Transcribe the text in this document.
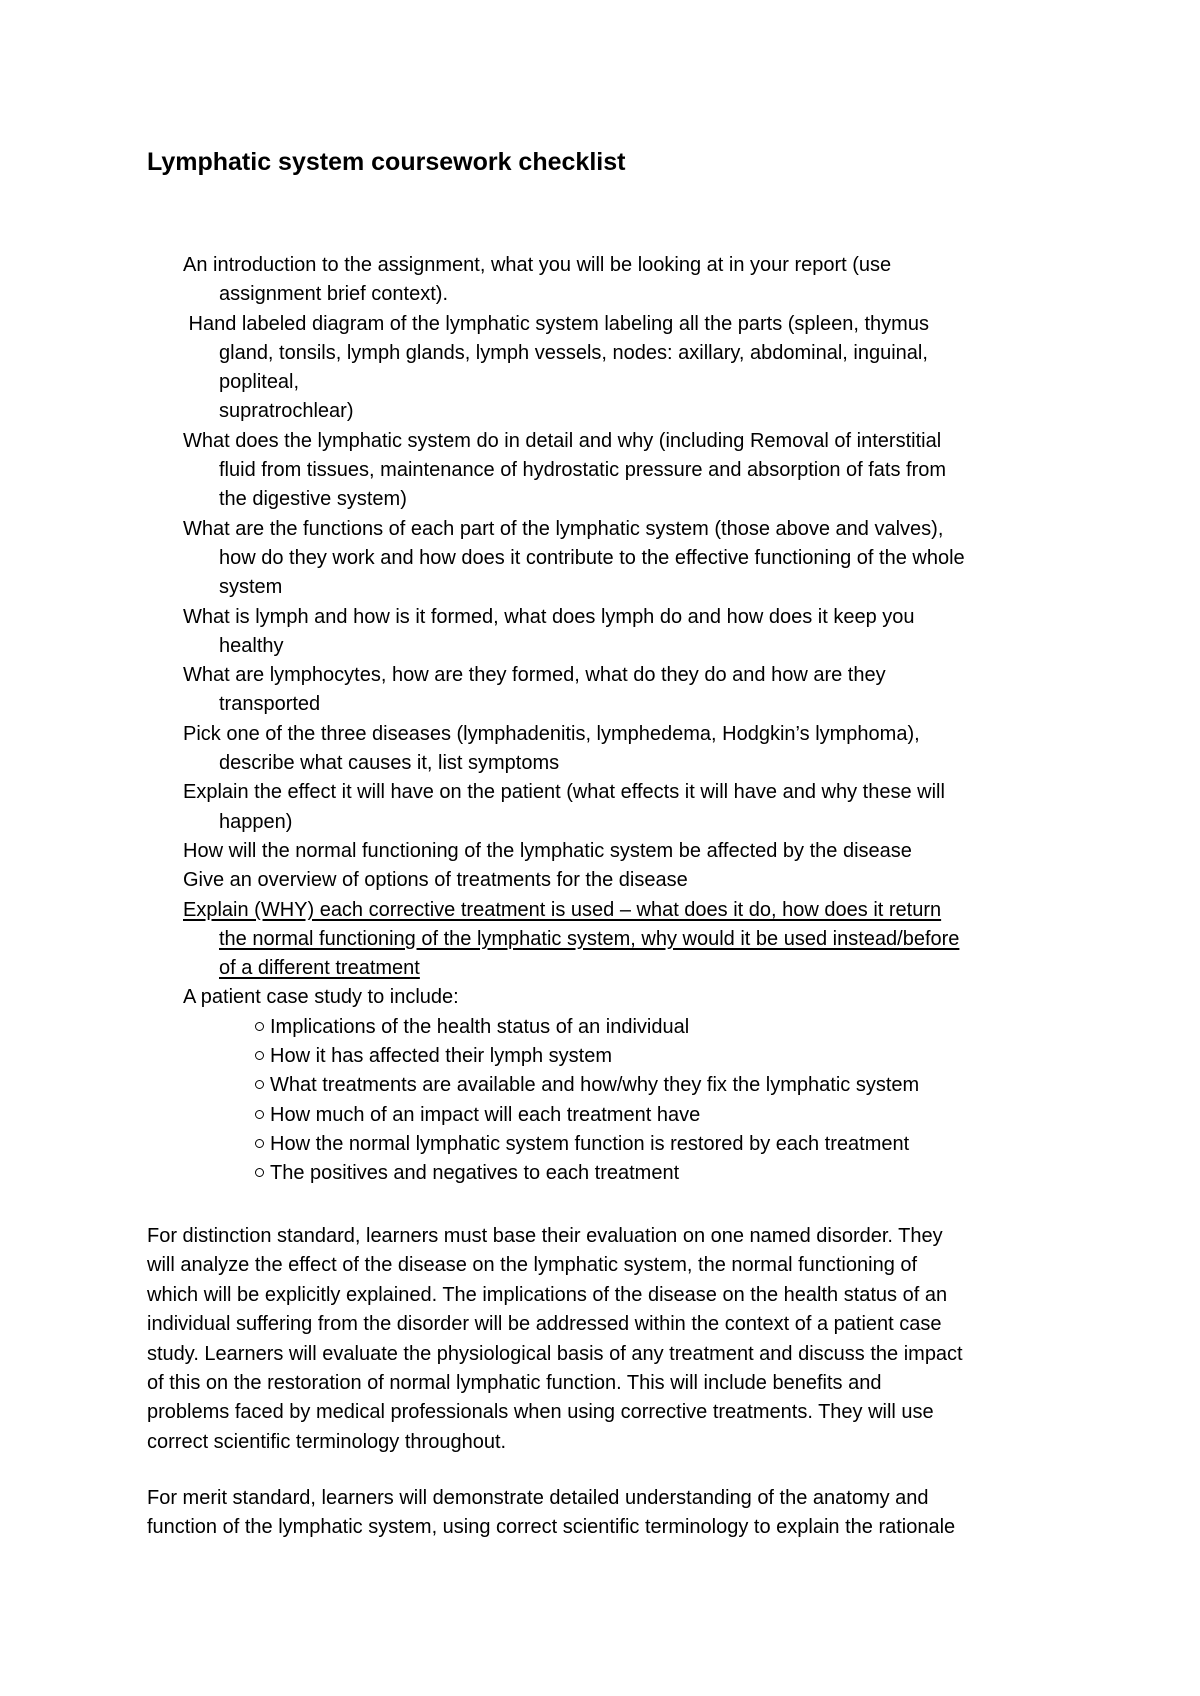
Lymphatic system coursework checklist
An introduction to the assignment, what you will be looking at in your report (use
assignment brief context).
Hand labeled diagram of the lymphatic system labeling all the parts (spleen, thymus
gland, tonsils, lymph glands, lymph vessels, nodes: axillary, abdominal, inguinal,
popliteal,
supratrochlear)
What does the lymphatic system do in detail and why (including Removal of interstitial
fluid from tissues, maintenance of hydrostatic pressure and absorption of fats from
the digestive system)
What are the functions of each part of the lymphatic system (those above and valves),
how do they work and how does it contribute to the effective functioning of the whole
system
What is lymph and how is it formed, what does lymph do and how does it keep you
healthy
What are lymphocytes, how are they formed, what do they do and how are they
transported
Pick one of the three diseases (lymphadenitis, lymphedema, Hodgkin’s lymphoma),
describe what causes it, list symptoms
Explain the effect it will have on the patient (what effects it will have and why these will
happen)
How will the normal functioning of the lymphatic system be affected by the disease
Give an overview of options of treatments for the disease
Explain (WHY) each corrective treatment is used – what does it do, how does it return
the normal functioning of the lymphatic system, why would it be used instead/before
of a different treatment
A patient case study to include:
Implications of the health status of an individual
How it has affected their lymph system
What treatments are available and how/why they fix the lymphatic system
How much of an impact will each treatment have
How the normal lymphatic system function is restored by each treatment
The positives and negatives to each treatment

For distinction standard, learners must base their evaluation on one named disorder. They
will analyze the effect of the disease on the lymphatic system, the normal functioning of
which will be explicitly explained. The implications of the disease on the health status of an
individual suffering from the disorder will be addressed within the context of a patient case
study. Learners will evaluate the physiological basis of any treatment and discuss the impact
of this on the restoration of normal lymphatic function. This will include benefits and
problems faced by medical professionals when using corrective treatments. They will use
correct scientific terminology throughout.

For merit standard, learners will demonstrate detailed understanding of the anatomy and
function of the lymphatic system, using correct scientific terminology to explain the rationale
